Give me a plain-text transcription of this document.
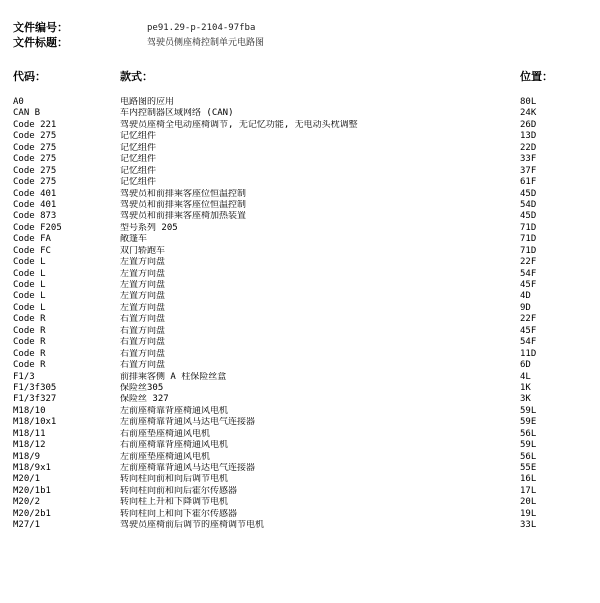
文件编号：	pe91.29-p-2104-97fba
文件标题：	驾驶员侧座椅控制单元电路图
代码：	款式：	位置：
A0	电路图的应用	80L
CAN B	车内控制器区域网络 (CAN)	24K
Code 221	驾驶员座椅全电动座椅调节, 无记忆功能, 无电动头枕调整	26D
Code 275	记忆组件	13D
Code 275	记忆组件	22D
Code 275	记忆组件	33F
Code 275	记忆组件	37F
Code 275	记忆组件	61F
Code 401	驾驶员和前排乘客座位恒温控制	45D
Code 401	驾驶员和前排乘客座位恒温控制	54D
Code 873	驾驶员和前排乘客座椅加热装置	45D
Code F205	型号系列 205	71D
Code FA	敞篷车	71D
Code FC	双门轿跑车	71D
Code L	左置方向盘	22F
Code L	左置方向盘	54F
Code L	左置方向盘	45F
Code L	左置方向盘	4D
Code L	左置方向盘	9D
Code R	右置方向盘	22F
Code R	右置方向盘	45F
Code R	右置方向盘	54F
Code R	右置方向盘	11D
Code R	右置方向盘	6D
F1/3	前排乘客侧 A 柱保险丝盒	4L
F1/3f305	保险丝305	1K
F1/3f327	保险丝 327	3K
M18/10	左前座椅靠背座椅通风电机	59L
M18/10x1	左前座椅靠背通风马达电气连接器	59E
M18/11	右前座垫座椅通风电机	56L
M18/12	右前座椅靠背座椅通风电机	59L
M18/9	左前座垫座椅通风电机	56L
M18/9x1	左前座椅靠背通风马达电气连接器	55E
M20/1	转向柱向前和向后调节电机	16L
M20/1b1	转向柱向前和向后霍尔传感器	17L
M20/2	转向柱上升和下降调节电机	20L
M20/2b1	转向柱向上和向下霍尔传感器	19L
M27/1	驾驶员座椅前后调节的座椅调节电机	33L
